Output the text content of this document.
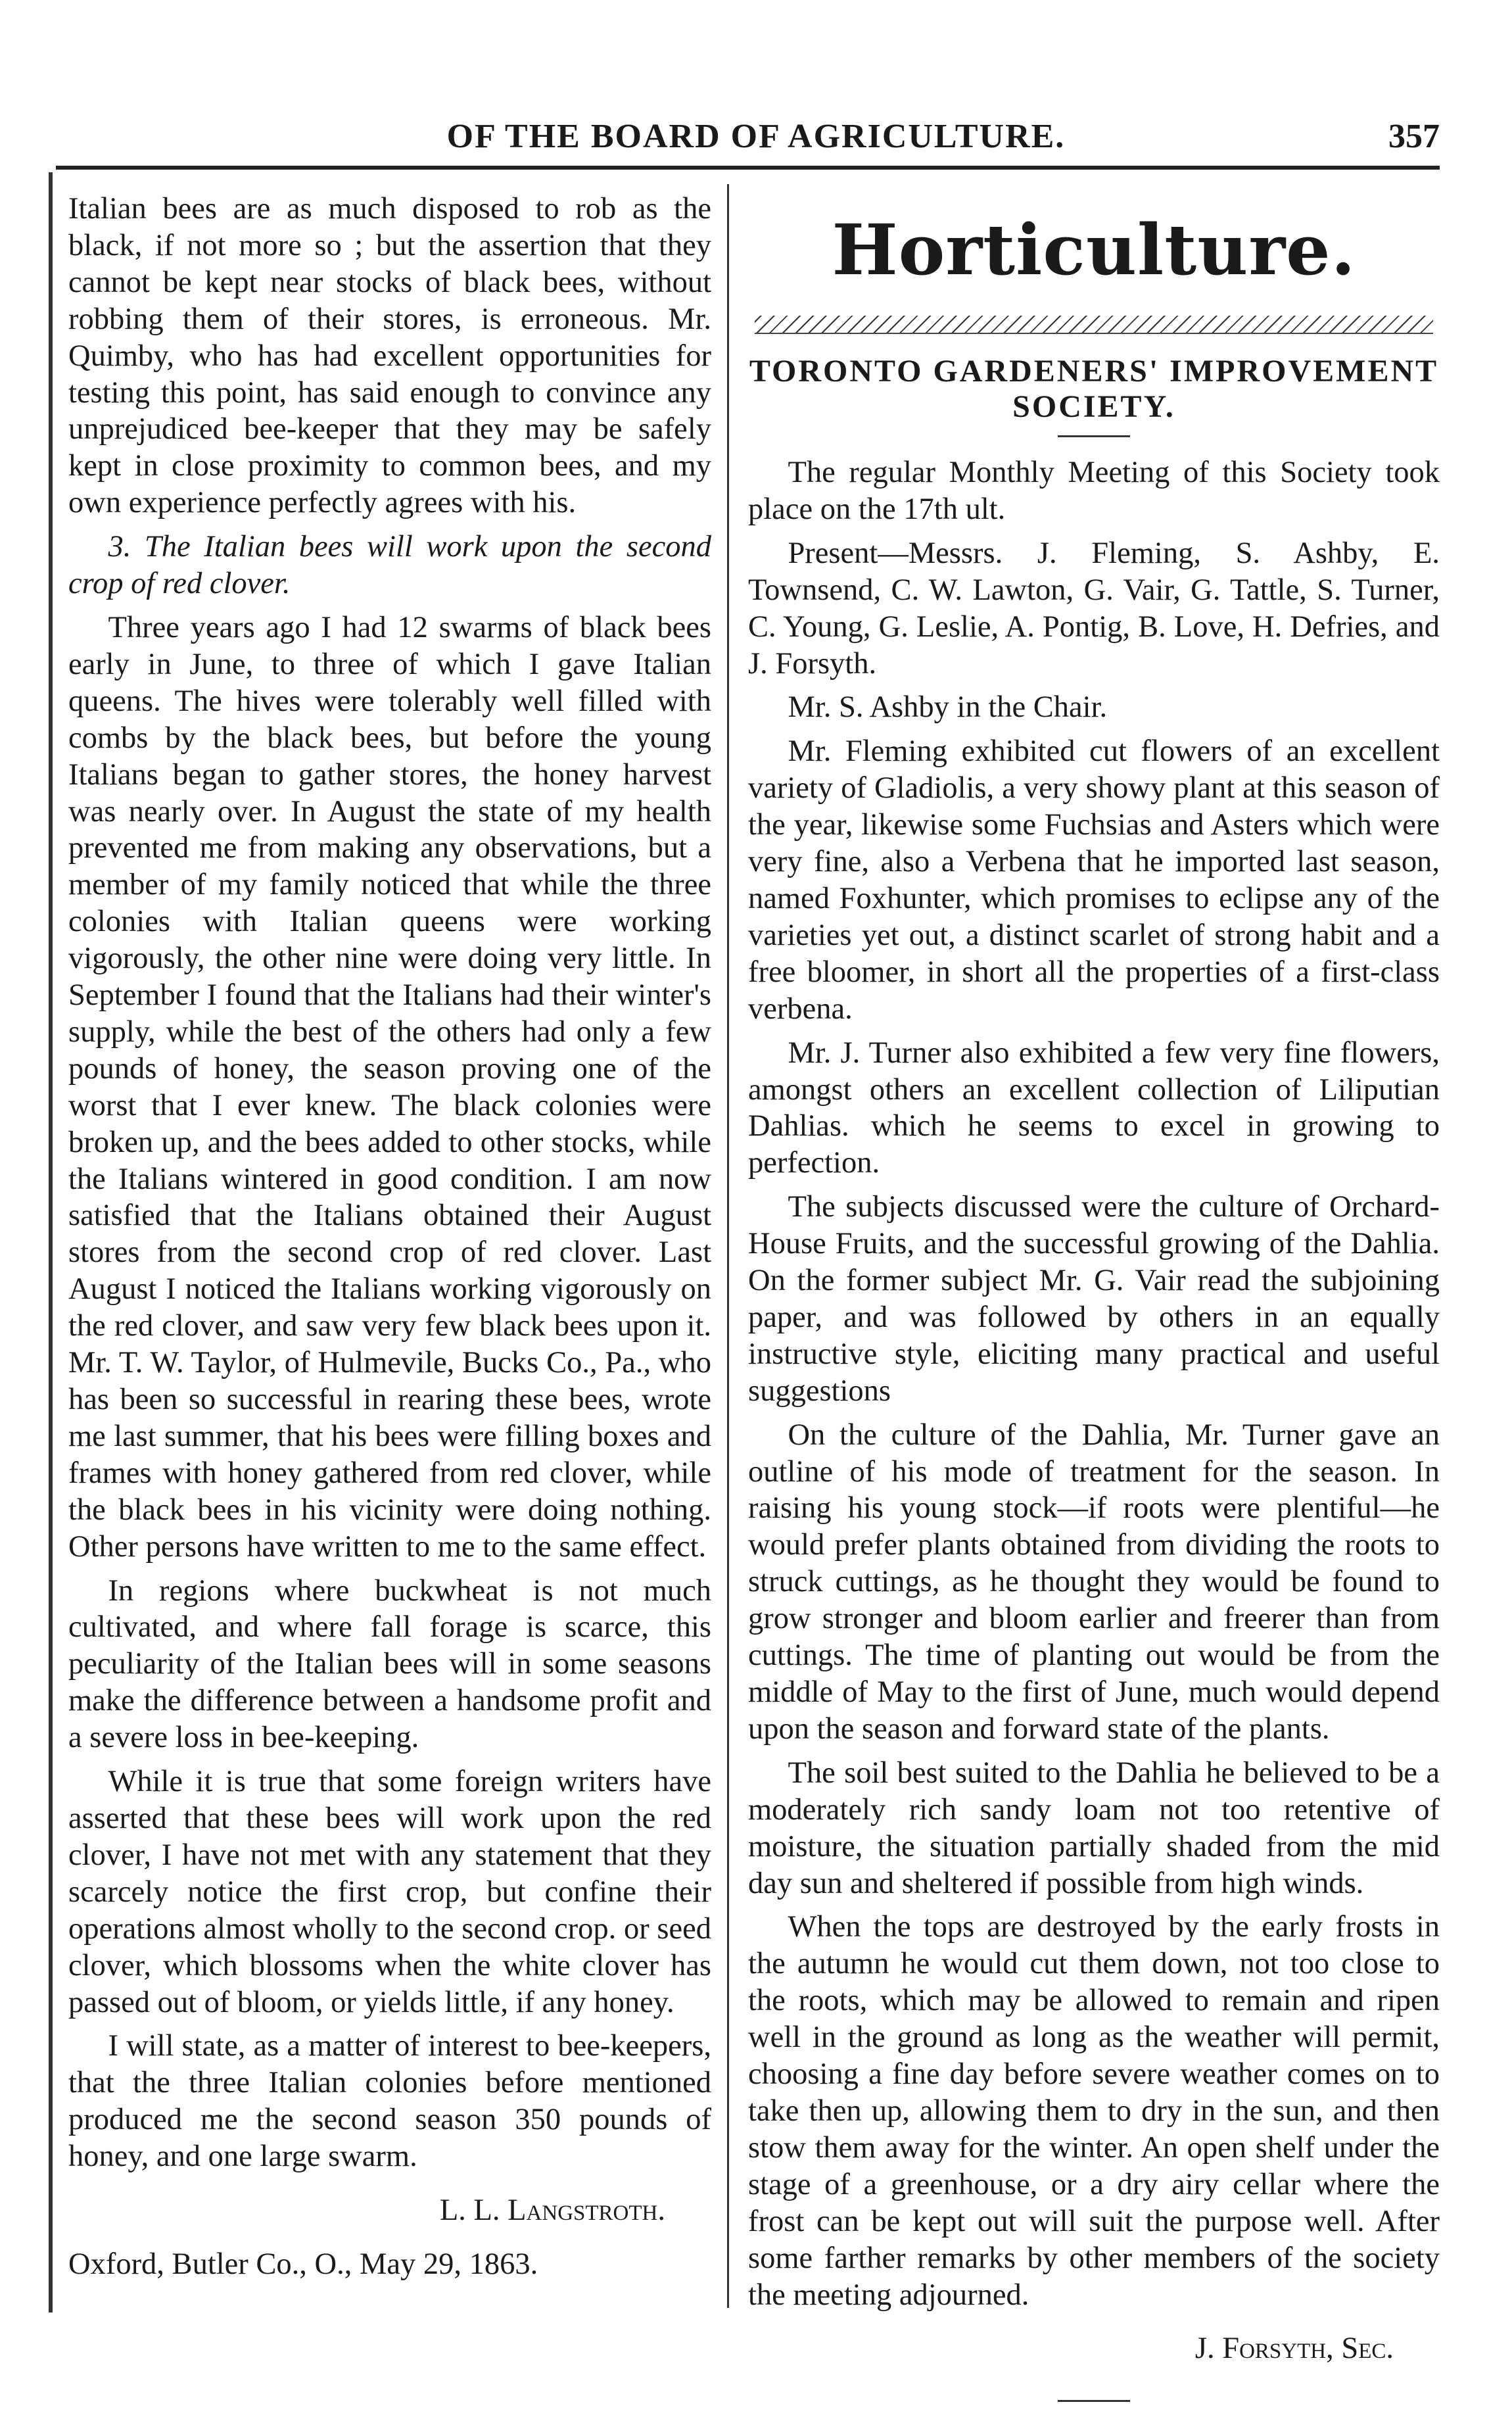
OF THE BOARD OF AGRICULTURE.	357

Italian bees are as much disposed to rob as the black, if not more so ; but the assertion that they cannot be kept near stocks of black bees, without robbing them of their stores, is erroneous. Mr. Quimby, who has had excellent opportunities for testing this point, has said enough to convince any unprejudiced bee-keeper that they may be safely kept in close proximity to common bees, and my own experience perfectly agrees with his.

3. The Italian bees will work upon the second crop of red clover.

Three years ago I had 12 swarms of black bees early in June, to three of which I gave Italian queens. The hives were tolerably well filled with combs by the black bees, but before the young Italians began to gather stores, the honey harvest was nearly over. In August the state of my health prevented me from making any observations, but a member of my family noticed that while the three colonies with Italian queens were working vigorously, the other nine were doing very little. In September I found that the Italians had their winter's supply, while the best of the others had only a few pounds of honey, the season proving one of the worst that I ever knew. The black colonies were broken up, and the bees added to other stocks, while the Italians wintered in good condition. I am now satisfied that the Italians obtained their August stores from the second crop of red clover. Last August I noticed the Italians working vigorously on the red clover, and saw very few black bees upon it. Mr. T. W. Taylor, of Hulmevile, Bucks Co., Pa., who has been so successful in rearing these bees, wrote me last summer, that his bees were filling boxes and frames with honey gathered from red clover, while the black bees in his vicinity were doing nothing. Other persons have written to me to the same effect.

In regions where buckwheat is not much cultivated, and where fall forage is scarce, this peculiarity of the Italian bees will in some seasons make the difference between a handsome profit and a severe loss in bee-keeping.

While it is true that some foreign writers have asserted that these bees will work upon the red clover, I have not met with any statement that they scarcely notice the first crop, but confine their operations almost wholly to the second crop. or seed clover, which blossoms when the white clover has passed out of bloom, or yields little, if any honey.

I will state, as a matter of interest to bee-keepers, that the three Italian colonies before mentioned produced me the second season 350 pounds of honey, and one large swarm.

L. L. Langstroth.

Oxford, Butler Co., O., May 29, 1863.

Horticulture.
TORONTO GARDENERS' IMPROVEMENT SOCIETY.

The regular Monthly Meeting of this Society took place on the 17th ult.

Present—Messrs. J. Fleming, S. Ashby, E. Townsend, C. W. Lawton, G. Vair, G. Tattle, S. Turner, C. Young, G. Leslie, A. Pontig, B. Love, H. Defries, and J. Forsyth.

Mr. S. Ashby in the Chair.

Mr. Fleming exhibited cut flowers of an excellent variety of Gladiolis, a very showy plant at this season of the year, likewise some Fuchsias and Asters which were very fine, also a Verbena that he imported last season, named Foxhunter, which promises to eclipse any of the varieties yet out, a distinct scarlet of strong habit and a free bloomer, in short all the properties of a first-class verbena.

Mr. J. Turner also exhibited a few very fine flowers, amongst others an excellent collection of Liliputian Dahlias. which he seems to excel in growing to perfection.

The subjects discussed were the culture of Orchard-House Fruits, and the successful growing of the Dahlia. On the former subject Mr. G. Vair read the subjoining paper, and was followed by others in an equally instructive style, eliciting many practical and useful suggestions

On the culture of the Dahlia, Mr. Turner gave an outline of his mode of treatment for the season. In raising his young stock—if roots were plentiful—he would prefer plants obtained from dividing the roots to struck cuttings, as he thought they would be found to grow stronger and bloom earlier and freerer than from cuttings. The time of planting out would be from the middle of May to the first of June, much would depend upon the season and forward state of the plants.

The soil best suited to the Dahlia he believed to be a moderately rich sandy loam not too retentive of moisture, the situation partially shaded from the mid day sun and sheltered if possible from high winds.

When the tops are destroyed by the early frosts in the autumn he would cut them down, not too close to the roots, which may be allowed to remain and ripen well in the ground as long as the weather will permit, choosing a fine day before severe weather comes on to take then up, allowing them to dry in the sun, and then stow them away for the winter. An open shelf under the stage of a greenhouse, or a dry airy cellar where the frost can be kept out will suit the purpose well. After some farther remarks by other members of the society the meeting adjourned.

J. Forsyth, Sec.
